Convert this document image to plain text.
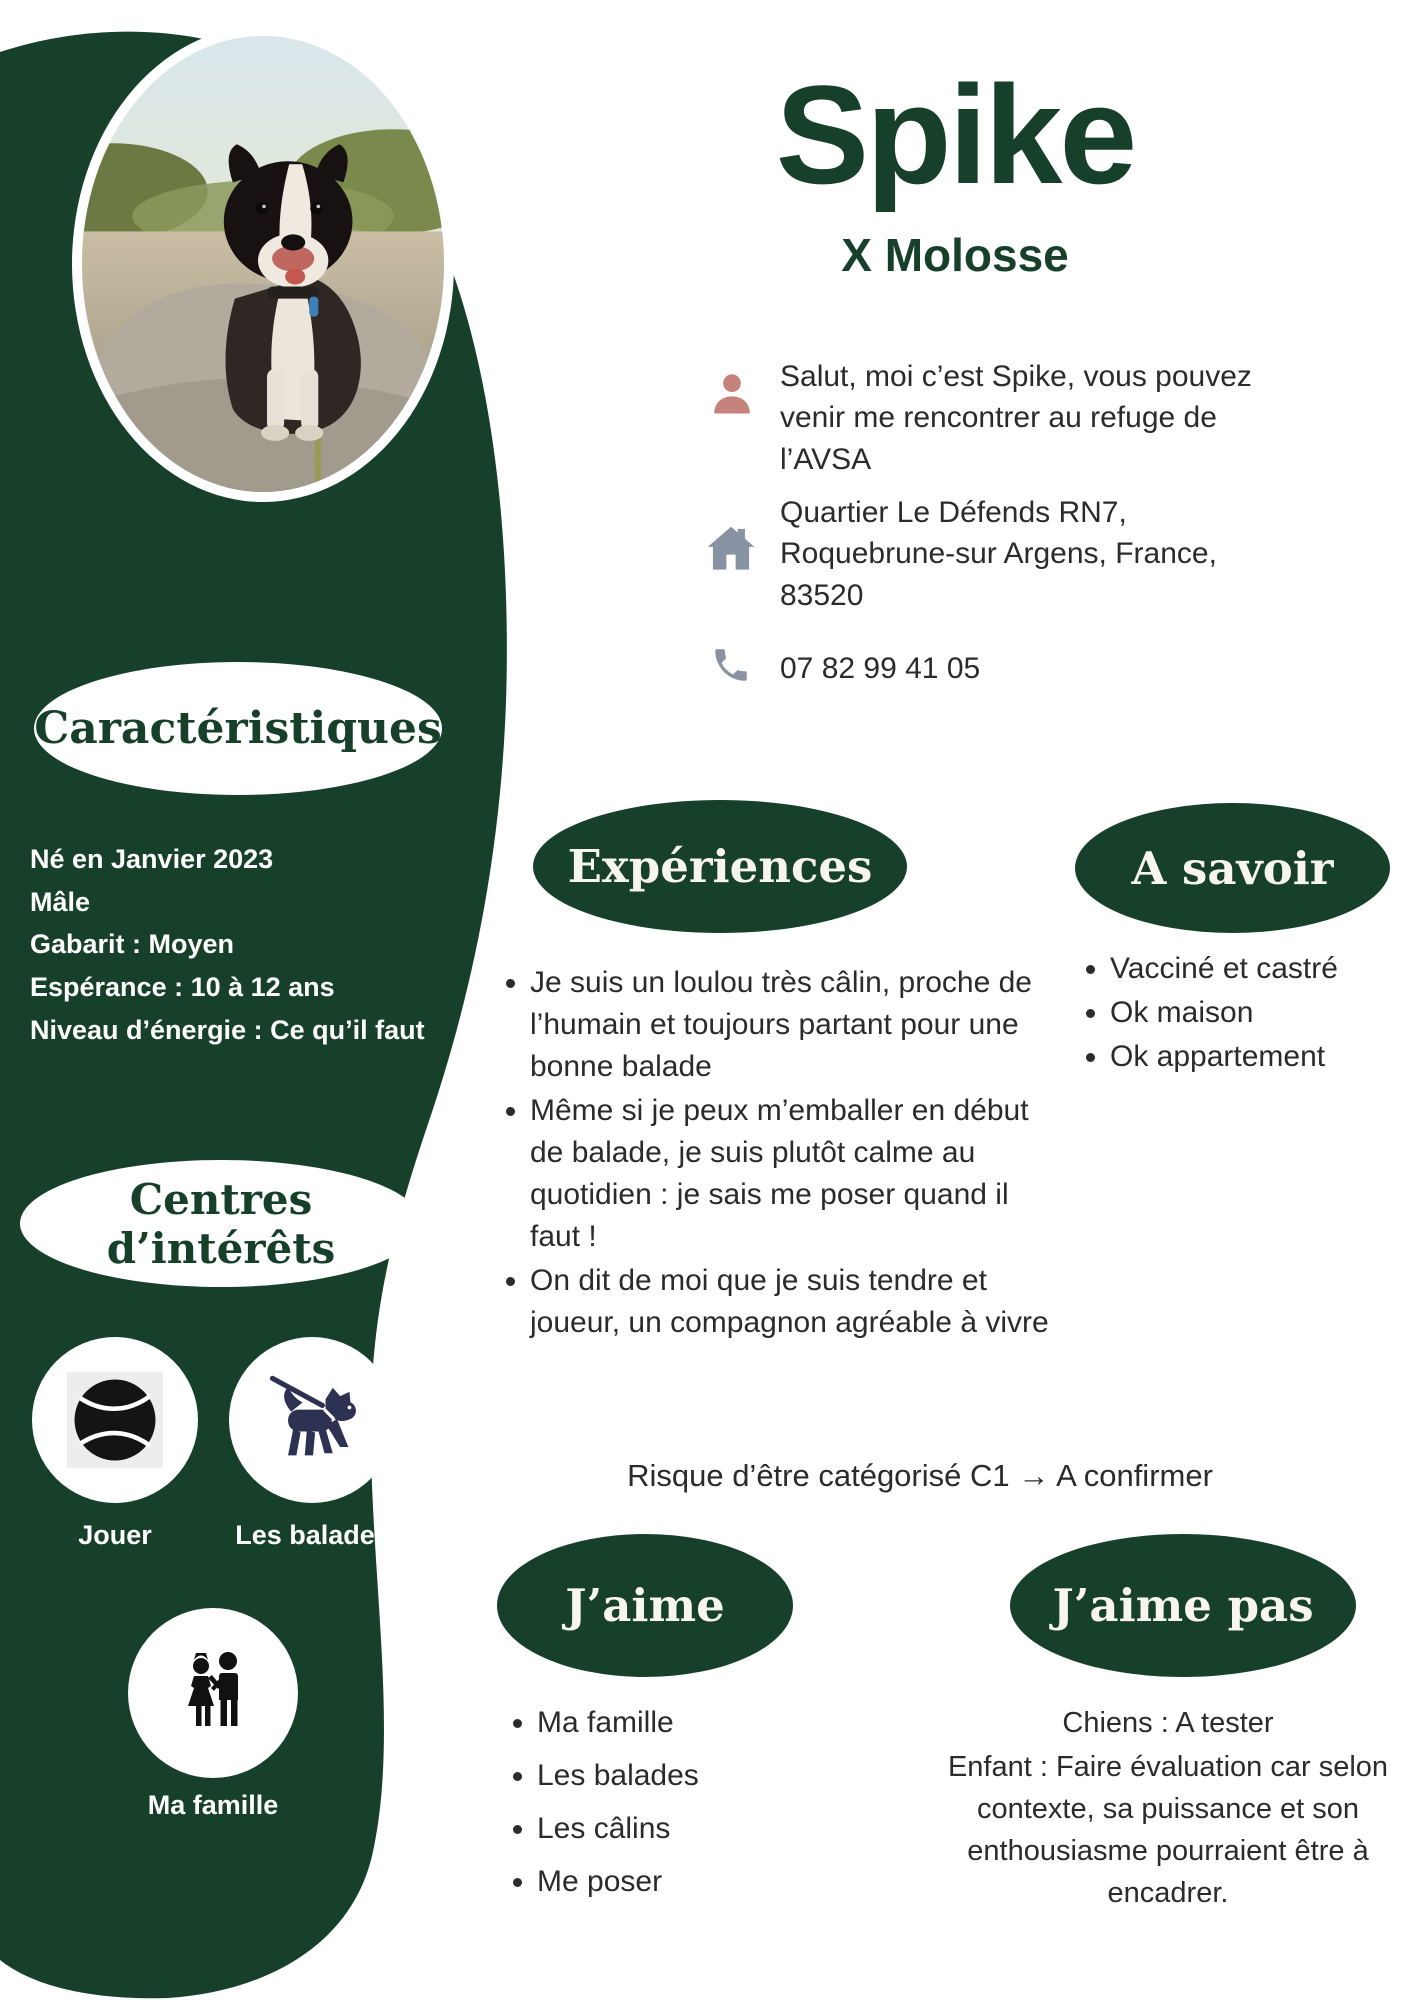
Spike
X Molosse
Salut, moi c’est Spike, vous pouvez venir me rencontrer au refuge de l’AVSA
Quartier Le Défends RN7, Roquebrune-sur Argens, France, 83520
07 82 99 41 05
Caractéristiques
Né en Janvier 2023
Mâle
Gabarit : Moyen
Espérance : 10 à 12 ans
Niveau d’énergie : Ce qu’il faut
Centres d’intérêts
Jouer	Les balades
Ma famille
Expériences
• Je suis un loulou très câlin, proche de l’humain et toujours partant pour une bonne balade
• Même si je peux m’emballer en début de balade, je suis plutôt calme au quotidien : je sais me poser quand il faut !
• On dit de moi que je suis tendre et joueur, un compagnon agréable à vivre
A savoir
• Vacciné et castré
• Ok maison
• Ok appartement
Risque d’être catégorisé C1 → A confirmer
J’aime
• Ma famille
• Les balades
• Les câlins
• Me poser
J’aime pas
Chiens : A tester
Enfant : Faire évaluation car selon contexte, sa puissance et son enthousiasme pourraient être à encadrer.
